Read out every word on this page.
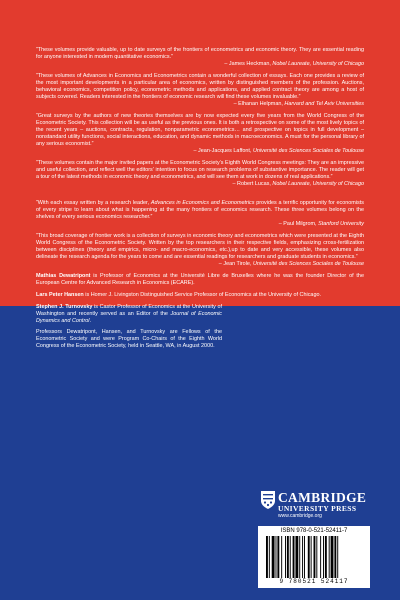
“These volumes provide valuable, up to date surveys of the frontiers of econometrics and economic theory. They are essential reading for anyone interested in modern quantitative economics.”

– James Heckman, Nobel Laureate, University of Chicago

“These volumes of Advances in Economics and Econometrics contain a wonderful collection of essays. Each one provides a review of the most important developments in a particular area of economics, written by distinguished members of the profession. Auctions, behavioral economics, competition policy, econometric methods and applications, and applied contract theory are among a host of subjects covered. Readers interested in the frontiers of economic research will find these volumes invaluable.”

– Elhanan Helpman, Harvard and Tel Aviv Universities

“Great surveys by the authors of new theories themselves are by now expected every five years from the World Congress of the Econometric Society. This collection will be as useful as the previous ones. It is both a retrospective on some of the most lively topics of the recent years – auctions, contracts, regulation, nonparametric econometrics… and prospective on topics in full development – nonstandard utility functions, social interactions, education, and dynamic methods in macroeconomics. A must for the personal library of any serious economist.”

– Jean-Jacques Laffont, Université des Sciences Sociales de Toulouse

“These volumes contain the major invited papers at the Econometric Society’s Eighth World Congress meetings: They are an impressive and useful collection, and reflect well the editors’ intention to focus on research problems of substantive importance. The reader will get a tour of the latest methods in economic theory and econometrics, and will see them at work in dozens of real applications.”

– Robert Lucas, Nobel Laureate, University of Chicago

“With each essay written by a research leader, Advances in Economics and Econometrics provides a terrific opportunity for economists of every stripe to learn about what is happening at the many frontiers of economics research. These three volumes belong on the shelves of every serious economics researcher.”

– Paul Milgrom, Stanford University

“This broad coverage of frontier work is a collection of surveys in economic theory and econometrics which were presented at the Eighth World Congress of the Econometric Society. Written by the top researchers in their respective fields, emphasizing cross-fertilization between disciplines (theory and empirics, micro- and macro-economics, etc.),up to date and very accessible, these volumes also delineate the research agenda for the years to come and are essential readings for researchers and graduate students in economics.”

– Jean Tirole, Université des Sciences Sociales de Toulouse

Mathias Dewatripont is Professor of Economics at the Université Libre de Bruxelles where he was the founder Director of the European Centre for Advanced Research in Economics (ECARE).

Lars Peter Hansen is Homer J. Livingston Distinguished Service Professor of Economics at the University of Chicago.

Stephen J. Turnovsky is Castor Professor of Economics at the University of Washington and recently served as an Editor of the Journal of Economic Dynamics and Control.

Professors Dewatripont, Hansen, and Turnovsky are Fellows of the Econometric Society and were Program Co-Chairs of the Eighth World Congress of the Econometric Society, held in Seattle, WA, in August 2000.

CAMBRIDGE
UNIVERSITY PRESS
www.cambridge.org
ISBN 978-0-521-52411-7
9 780521 524117
